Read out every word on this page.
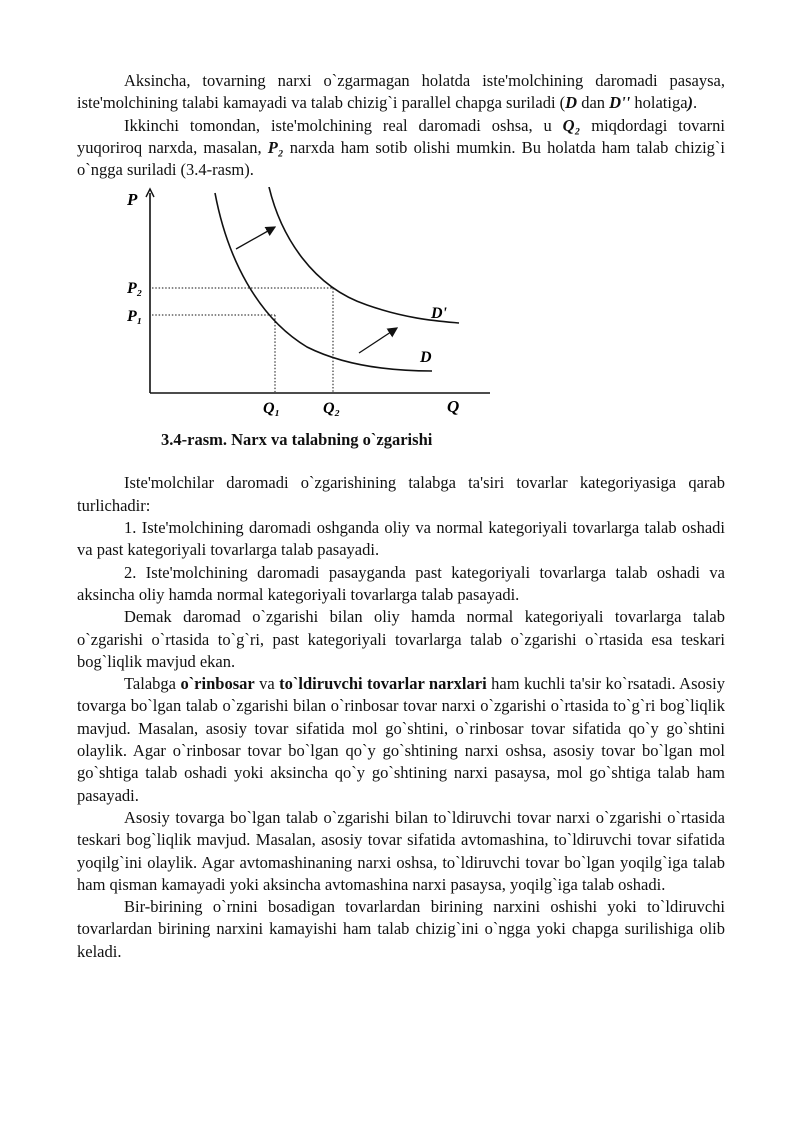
Aksincha, tovarning narxi o`zgarmagan holatda iste'molchining daromadi pasaysa, iste'molchining talabi kamayadi va talab chizig`i parallel chapga suriladi (D dan D'' holatiga).

Ikkinchi tomondan, iste'molchining real daromadi oshsa, u Q₂ miqdordagi tovarni yuqoriroq narxda, masalan, P₂ narxda ham sotib olishi mumkin. Bu holatda ham talab chizig`i o`ngga suriladi (3.4-rasm).

P
Q
P₂
P₁
Q₁	Q₂
D'
D

3.4-rasm. Narx va talabning o`zgarishi

Iste'molchilar daromadi o`zgarishining talabga ta'siri tovarlar kategoriyasiga qarab turlichadir:

1. Iste'molchining daromadi oshganda oliy va normal kategoriyali tovarlarga talab oshadi va past kategoriyali tovarlarga talab pasayadi.

2. Iste'molchining daromadi pasayganda past kategoriyali tovarlarga talab oshadi va aksincha oliy hamda normal kategoriyali tovarlarga talab pasayadi.

Demak daromad o`zgarishi bilan oliy hamda normal kategoriyali tovarlarga talab o`zgarishi o`rtasida to`g`ri, past kategoriyali tovarlarga talab o`zgarishi o`rtasida esa teskari bog`liqlik mavjud ekan.

Talabga o`rinbosar va to`ldiruvchi tovarlar narxlari ham kuchli ta'sir ko`rsatadi. Asosiy tovarga bo`lgan talab o`zgarishi bilan o`rinbosar tovar narxi o`zgarishi o`rtasida to`g`ri bog`liqlik mavjud. Masalan, asosiy tovar sifatida mol go`shtini, o`rinbosar tovar sifatida qo`y go`shtini olaylik. Agar o`rinbosar tovar bo`lgan qo`y go`shtining narxi oshsa, asosiy tovar bo`lgan mol go`shtiga talab oshadi yoki aksincha qo`y go`shtining narxi pasaysa, mol go`shtiga talab ham pasayadi.

Asosiy tovarga bo`lgan talab o`zgarishi bilan to`ldiruvchi tovar narxi o`zgarishi o`rtasida teskari bog`liqlik mavjud. Masalan, asosiy tovar sifatida avtomashina, to`ldiruvchi tovar sifatida yoqilg`ini olaylik. Agar avtomashinaning narxi oshsa, to`ldiruvchi tovar bo`lgan yoqilg`iga talab ham qisman kamayadi yoki aksincha avtomashina narxi pasaysa, yoqilg`iga talab oshadi.

Bir-birining o`rnini bosadigan tovarlardan birining narxini oshishi yoki to`ldiruvchi tovarlardan birining narxini kamayishi ham talab chizig`ini o`ngga yoki chapga surilishiga olib keladi.
